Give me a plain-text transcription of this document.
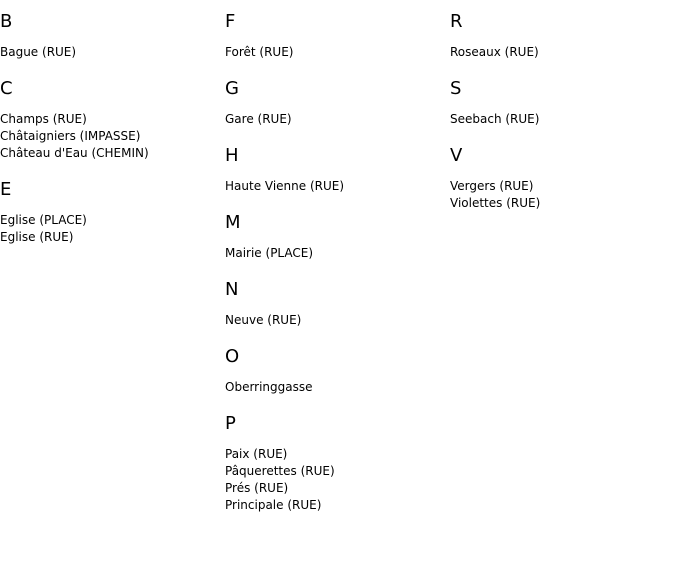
B
Bague (RUE)
C
Champs (RUE)
Châtaigniers (IMPASSE)
Château d'Eau (CHEMIN)
E
Eglise (PLACE)
Eglise (RUE)
F
Forêt (RUE)
G
Gare (RUE)
H
Haute Vienne (RUE)
M
Mairie (PLACE)
N
Neuve (RUE)
O
Oberringgasse
P
Paix (RUE)
Pâquerettes (RUE)
Prés (RUE)
Principale (RUE)
R
Roseaux (RUE)
S
Seebach (RUE)
V
Vergers (RUE)
Violettes (RUE)
